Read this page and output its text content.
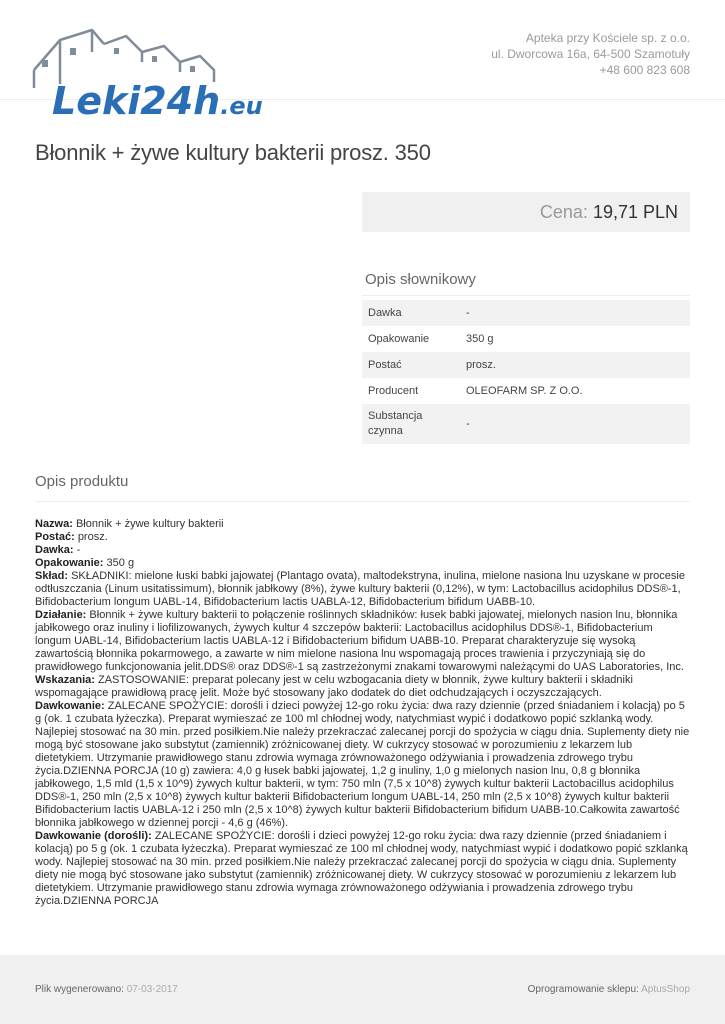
Leki24h.eu
Apteka przy Kościele sp. z o.o.
ul. Dworcowa 16a, 64-500 Szamotuły
+48 600 823 608
Błonnik + żywe kultury bakterii prosz. 350
Cena: 19,71 PLN
Opis słownikowy
Dawka	-
Opakowanie	350 g
Postać	prosz.
Producent	OLEOFARM SP. Z O.O.
Substancja czynna	-
Opis produktu
Nazwa: Błonnik + żywe kultury bakterii
Postać: prosz.
Dawka: -
Opakowanie: 350 g
Skład: SKŁADNIKI: mielone łuski babki jajowatej (Plantago ovata), maltodekstryna, inulina, mielone nasiona lnu uzyskane w procesie odtłuszczania (Linum usitatissimum), błonnik jabłkowy (8%), żywe kultury bakterii (0,12%), w tym: Lactobacillus acidophilus DDS®-1, Bifidobacterium longum UABL-14, Bifidobacterium lactis UABLA-12, Bifidobacterium bifidum UABB-10.
Działanie: Błonnik + żywe kultury bakterii to połączenie roślinnych składników: łusek babki jajowatej, mielonych nasion lnu, błonnika jabłkowego oraz inuliny i liofilizowanych, żywych kultur 4 szczepów bakterii: Lactobacillus acidophilus DDS®-1, Bifidobacterium longum UABL-14, Bifidobacterium lactis UABLA-12 i Bifidobacterium bifidum UABB-10. Preparat charakteryzuje się wysoką zawartością błonnika pokarmowego, a zawarte w nim mielone nasiona lnu wspomagają proces trawienia i przyczyniają się do prawidłowego funkcjonowania jelit.DDS® oraz DDS®-1 są zastrzeżonymi znakami towarowymi należącymi do UAS Laboratories, Inc.
Wskazania: ZASTOSOWANIE: preparat polecany jest w celu wzbogacania diety w błonnik, żywe kultury bakterii i składniki wspomagające prawidłową pracę jelit. Może być stosowany jako dodatek do diet odchudzających i oczyszczających.
Dawkowanie: ZALECANE SPOŻYCIE: dorośli i dzieci powyżej 12-go roku życia: dwa razy dziennie (przed śniadaniem i kolacją) po 5 g (ok. 1 czubata łyżeczka). Preparat wymieszać ze 100 ml chłodnej wody, natychmiast wypić i dodatkowo popić szklanką wody. Najlepiej stosować na 30 min. przed posiłkiem.Nie należy przekraczać zalecanej porcji do spożycia w ciągu dnia. Suplementy diety nie mogą być stosowane jako substytut (zamiennik) zróżnicowanej diety. W cukrzycy stosować w porozumieniu z lekarzem lub dietetykiem. Utrzymanie prawidłowego stanu zdrowia wymaga zrównoważonego odżywiania i prowadzenia zdrowego trybu życia.DZIENNA PORCJA (10 g) zawiera: 4,0 g łusek babki jajowatej, 1,2 g inuliny, 1,0 g mielonych nasion lnu, 0,8 g błonnika jabłkowego, 1,5 mld (1,5 x 10^9) żywych kultur bakterii, w tym: 750 mln (7,5 x 10^8) żywych kultur bakterii Lactobacillus acidophilus DDS®-1, 250 mln (2,5 x 10^8) żywych kultur bakterii Bifidobacterium longum UABL-14, 250 mln (2,5 x 10^8) żywych kultur bakterii Bifidobacterium lactis UABLA-12 i 250 mln (2,5 x 10^8) żywych kultur bakterii Bifidobacterium bifidum UABB-10.Całkowita zawartość błonnika jabłkowego w dziennej porcji - 4,6 g (46%).
Dawkowanie (dorośli): ZALECANE SPOŻYCIE: dorośli i dzieci powyżej 12-go roku życia: dwa razy dziennie (przed śniadaniem i kolacją) po 5 g (ok. 1 czubata łyżeczka). Preparat wymieszać ze 100 ml chłodnej wody, natychmiast wypić i dodatkowo popić szklanką wody. Najlepiej stosować na 30 min. przed posiłkiem.Nie należy przekraczać zalecanej porcji do spożycia w ciągu dnia. Suplementy diety nie mogą być stosowane jako substytut (zamiennik) zróżnicowanej diety. W cukrzycy stosować w porozumieniu z lekarzem lub dietetykiem. Utrzymanie prawidłowego stanu zdrowia wymaga zrównoważonego odżywiania i prowadzenia zdrowego trybu życia.DZIENNA PORCJA
Plik wygenerowano: 07-03-2017	Oprogramowanie sklepu: AptusShop
